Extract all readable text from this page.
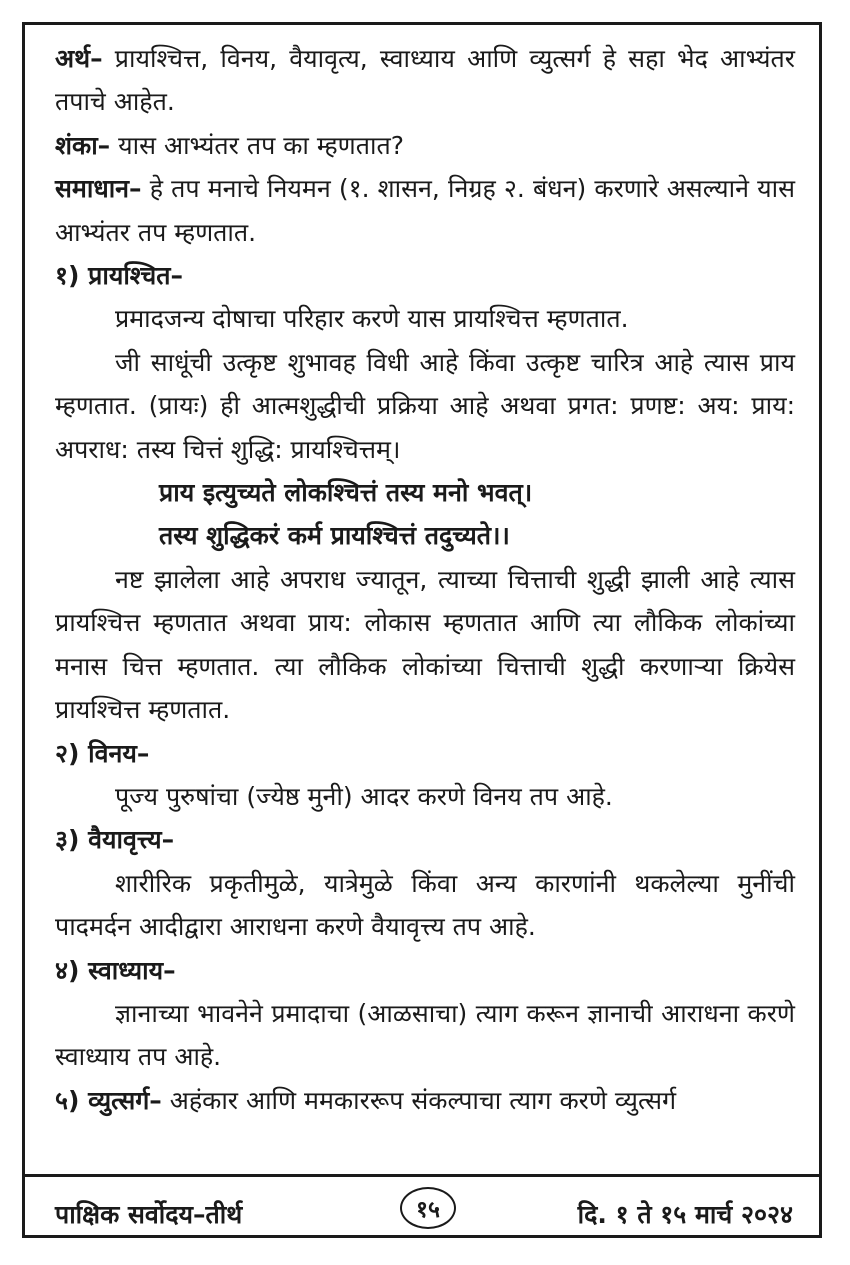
अर्थ– प्रायश्चित्त, विनय, वैयावृत्य, स्वाध्याय आणि व्युत्सर्ग हे सहा भेद आभ्यंतर तपाचे आहेत.

शंका– यास आभ्यंतर तप का म्हणतात?

समाधान– हे तप मनाचे नियमन (१. शासन, निग्रह २. बंधन) करणारे असल्याने यास आभ्यंतर तप म्हणतात.

१) प्रायश्चित–

प्रमादजन्य दोषाचा परिहार करणे यास प्रायश्चित्त म्हणतात.

जी साधूंची उत्कृष्ट शुभावह विधी आहे किंवा उत्कृष्ट चारित्र आहे त्यास प्राय म्हणतात. (प्रायः) ही आत्मशुद्धीची प्रक्रिया आहे अथवा प्रगत: प्रणष्ट: अय: प्राय: अपराध: तस्य चित्तं शुद्धि: प्रायश्चित्तम्।

प्राय इत्युच्यते लोकश्चित्तं तस्य मनो भवत्।

तस्य शुद्धिकरं कर्म प्रायश्चित्तं तदुच्यते।।

नष्ट झालेला आहे अपराध ज्यातून, त्याच्या चित्ताची शुद्धी झाली आहे त्यास प्रायश्चित्त म्हणतात अथवा प्राय: लोकास म्हणतात आणि त्या लौकिक लोकांच्या मनास चित्त म्हणतात. त्या लौकिक लोकांच्या चित्ताची शुद्धी करणाऱ्या क्रियेस प्रायश्चित्त म्हणतात.

२) विनय–

पूज्य पुरुषांचा (ज्येष्ठ मुनी) आदर करणे विनय तप आहे.

३) वैयावृत्त्य–

शारीरिक प्रकृतीमुळे, यात्रेमुळे किंवा अन्य कारणांनी थकलेल्या मुनींची पादमर्दन आदीद्वारा आराधना करणे वैयावृत्त्य तप आहे.

४) स्वाध्याय–

ज्ञानाच्या भावनेने प्रमादाचा (आळसाचा) त्याग करून ज्ञानाची आराधना करणे स्वाध्याय तप आहे.

५) व्युत्सर्ग– अहंकार आणि ममकाररूप संकल्पाचा त्याग करणे व्युत्सर्ग

पाक्षिक सर्वोदय–तीर्थ	१५	दि. १ ते १५ मार्च २०२४
